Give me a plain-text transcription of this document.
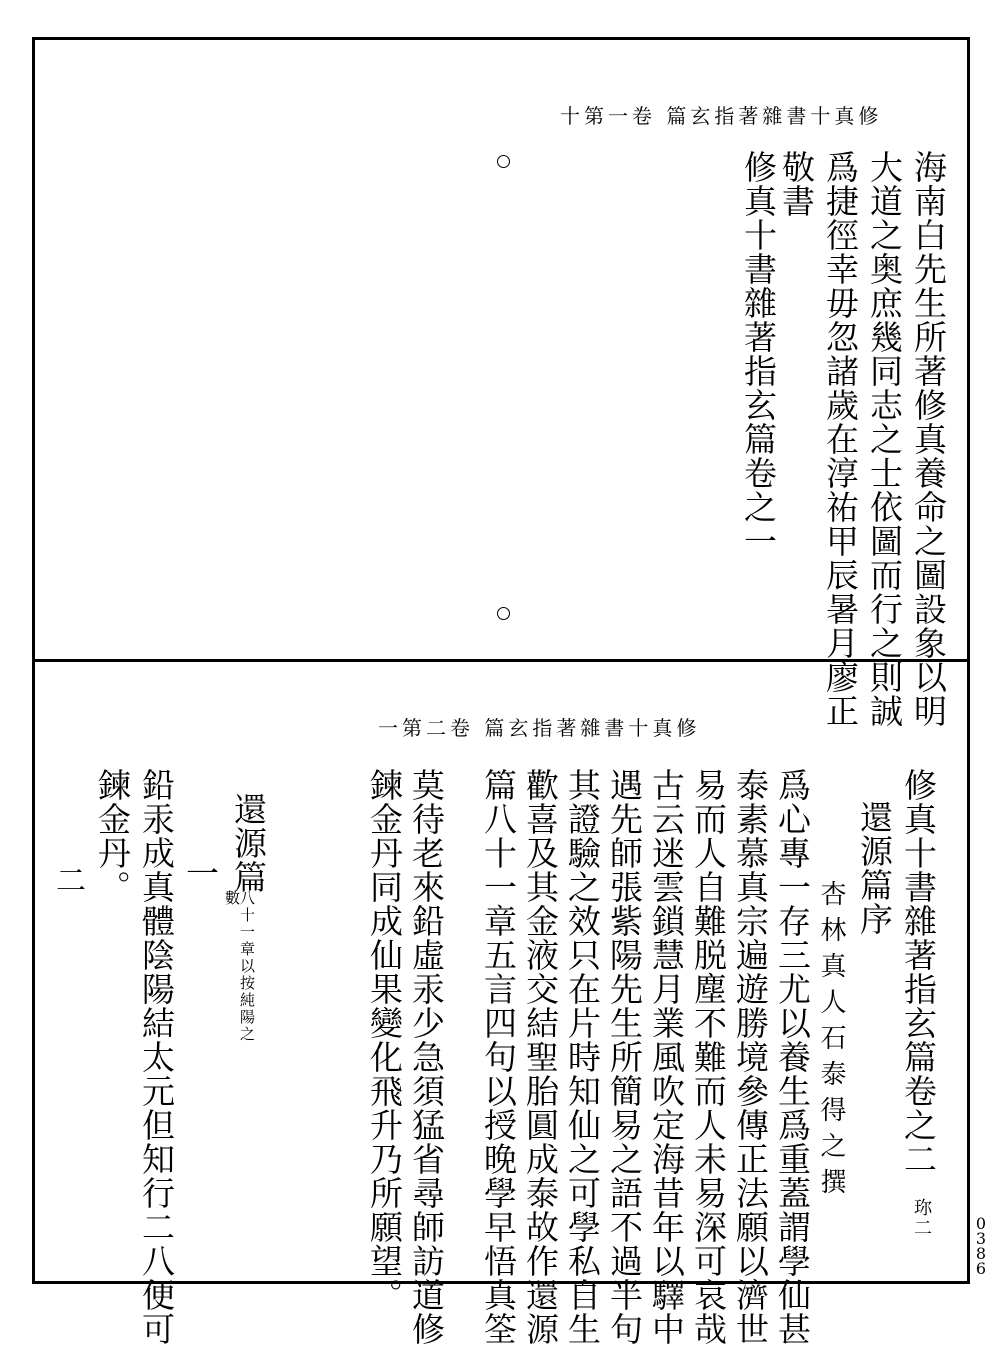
修真十書雜著指玄篇 卷一第十
海南白先生所著修真養命之圖設象以明
大道之奥庶幾同志之士依圖而行之則誠
爲捷徑幸毋忽諸歲在淳祐甲辰暑月廖正
敬書
修真十書雜著指玄篇卷之一
修真十書雜著指玄篇 卷二第一
修真十書雜著指玄篇卷之二
還源篇序
杏林真人石泰得之撰
爲心專一存三尤以養生爲重蓋謂學仙甚
泰素慕真宗遍遊勝境參傳正法願以濟世
易而人自難脱塵不難而人未易深可哀哉
古云迷雲鎖慧月業風吹定海昔年以驛中
遇先師張紫陽先生所簡易之語不過半句
其證驗之效只在片時知仙之可學私自生
歡喜及其金液交結聖胎圓成泰故作還源
篇八十一章五言四句以授晚學早悟真筌
莫待老來鉛虛汞少急須猛省尋師訪道修
鍊金丹同成仙果變化飛升乃所願望。
還源篇
八十一章以按純陽之數
一
鉛汞成真體陰陽結太元但知行二八便可
鍊金丹。
二
珎二	0
3
8
6
